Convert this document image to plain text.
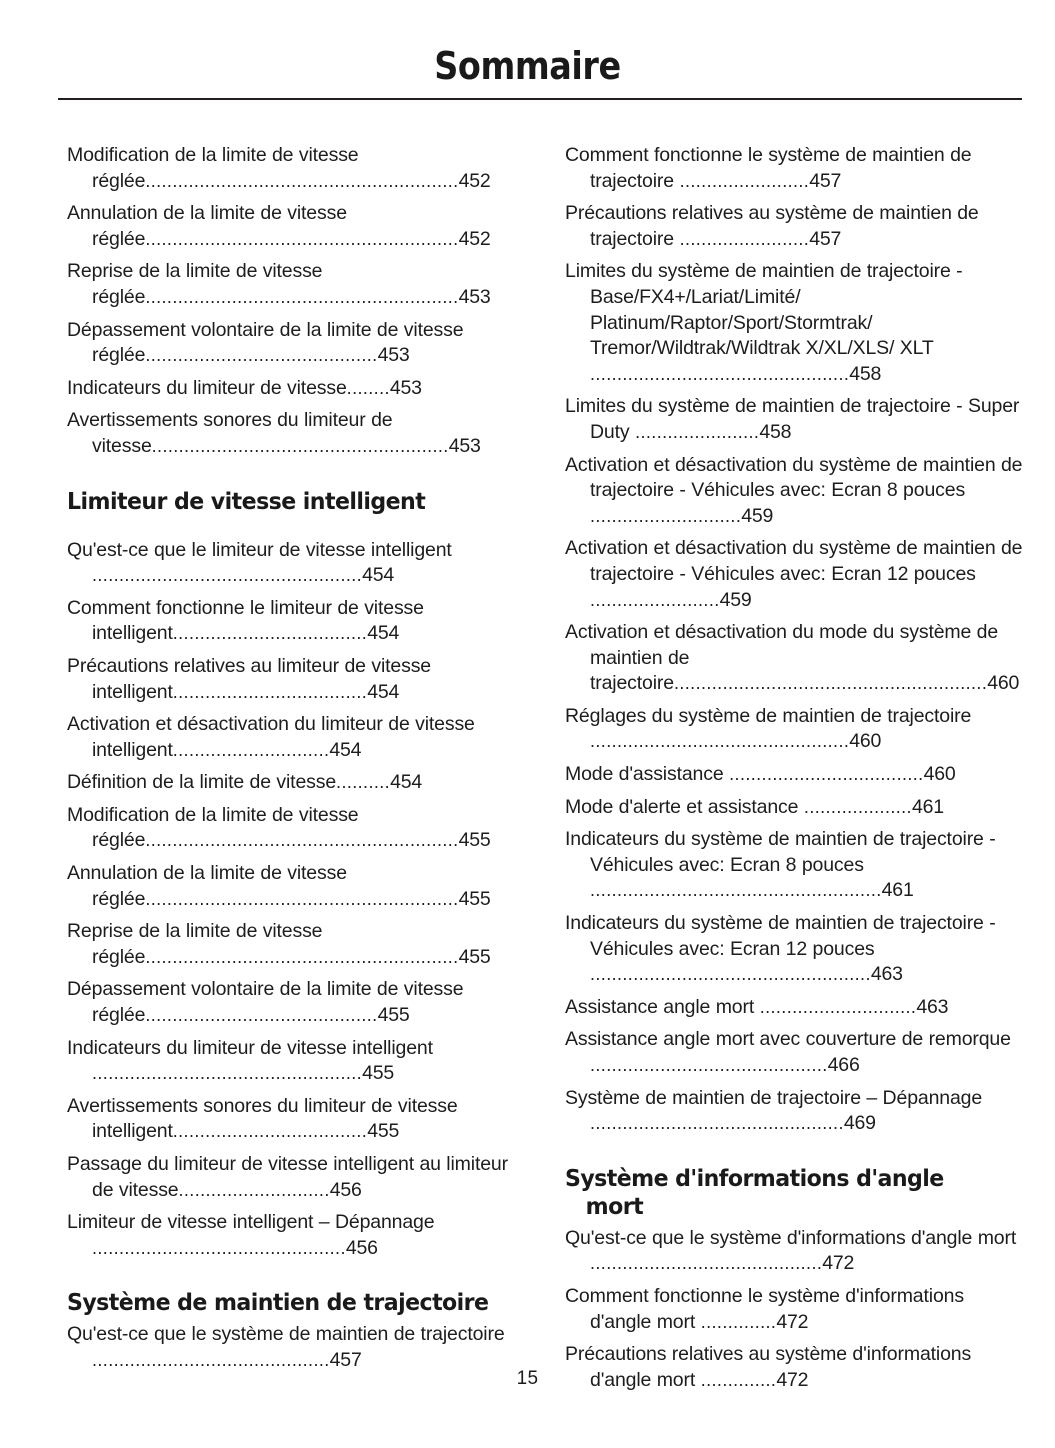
Sommaire
Modification de la limite de vitesse réglée..........................................................452
Annulation de la limite de vitesse réglée..........................................................452
Reprise de la limite de vitesse réglée..........................................................453
Dépassement volontaire de la limite de vitesse réglée...........................................453
Indicateurs du limiteur de vitesse........453
Avertissements sonores du limiteur de vitesse.......................................................453
Limiteur de vitesse intelligent
Qu'est-ce que le limiteur de vitesse intelligent ..................................................454
Comment fonctionne le limiteur de vitesse intelligent....................................454
Précautions relatives au limiteur de vitesse intelligent....................................454
Activation et désactivation du limiteur de vitesse intelligent.............................454
Définition de la limite de vitesse..........454
Modification de la limite de vitesse réglée..........................................................455
Annulation de la limite de vitesse réglée..........................................................455
Reprise de la limite de vitesse réglée..........................................................455
Dépassement volontaire de la limite de vitesse réglée...........................................455
Indicateurs du limiteur de vitesse intelligent ..................................................455
Avertissements sonores du limiteur de vitesse intelligent....................................455
Passage du limiteur de vitesse intelligent au limiteur de vitesse............................456
Limiteur de vitesse intelligent – Dépannage ...............................................456
Système de maintien de trajectoire
Qu'est-ce que le système de maintien de trajectoire ............................................457
Comment fonctionne le système de maintien de trajectoire ........................457
Précautions relatives au système de maintien de trajectoire ........................457
Limites du système de maintien de trajectoire - Base/FX4+/Lariat/Limité/ Platinum/Raptor/Sport/Stormtrak/ Tremor/Wildtrak/Wildtrak X/XL/XLS/ XLT ................................................458
Limites du système de maintien de trajectoire - Super Duty .......................458
Activation et désactivation du système de maintien de trajectoire - Véhicules avec: Ecran 8 pouces ............................459
Activation et désactivation du système de maintien de trajectoire - Véhicules avec: Ecran 12 pouces ........................459
Activation et désactivation du mode du système de maintien de trajectoire..........................................................460
Réglages du système de maintien de trajectoire ................................................460
Mode d'assistance ....................................460
Mode d'alerte et assistance ....................461
Indicateurs du système de maintien de trajectoire - Véhicules avec: Ecran 8 pouces ......................................................461
Indicateurs du système de maintien de trajectoire - Véhicules avec: Ecran 12 pouces ....................................................463
Assistance angle mort .............................463
Assistance angle mort avec couverture de remorque ............................................466
Système de maintien de trajectoire – Dépannage ...............................................469
Système d'informations d'angle mort
Qu'est-ce que le système d'informations d'angle mort ...........................................472
Comment fonctionne le système d'informations d'angle mort ..............472
Précautions relatives au système d'informations d'angle mort ..............472
15
